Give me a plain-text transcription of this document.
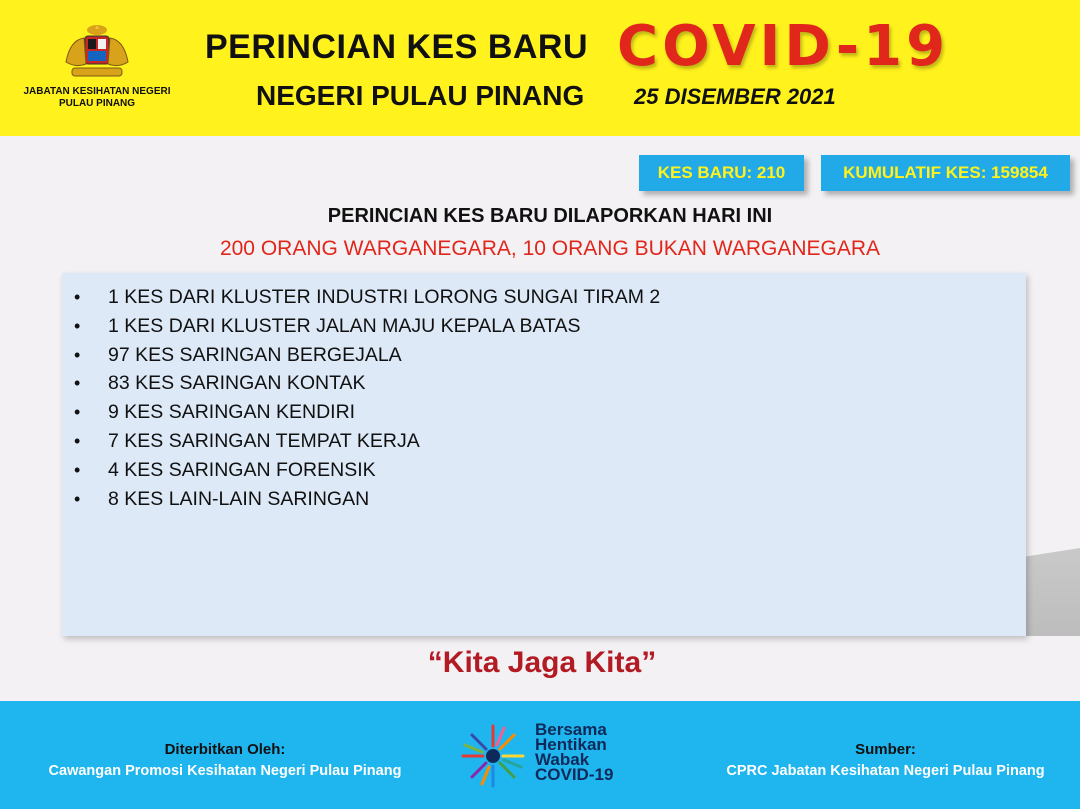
JABATAN KESIHATAN NEGERI
PULAU PINANG
PERINCIAN KES BARU COVID-19
NEGERI PULAU PINANG 25 DISEMBER 2021
KES BARU: 210	KUMULATIF KES: 159854
PERINCIAN KES BARU DILAPORKAN HARI INI
200 ORANG WARGANEGARA, 10 ORANG BUKAN WARGANEGARA
• 1 KES DARI KLUSTER INDUSTRI LORONG SUNGAI TIRAM 2
• 1 KES DARI KLUSTER JALAN MAJU KEPALA BATAS
• 97 KES SARINGAN BERGEJALA
• 83 KES SARINGAN KONTAK
• 9 KES SARINGAN KENDIRI
• 7 KES SARINGAN TEMPAT KERJA
• 4 KES SARINGAN FORENSIK
• 8 KES LAIN-LAIN SARINGAN
“Kita Jaga Kita”
Diterbitkan Oleh:
Cawangan Promosi Kesihatan Negeri Pulau Pinang
Bersama
Hentikan
Wabak
COVID-19
Sumber:
CPRC Jabatan Kesihatan Negeri Pulau Pinang
